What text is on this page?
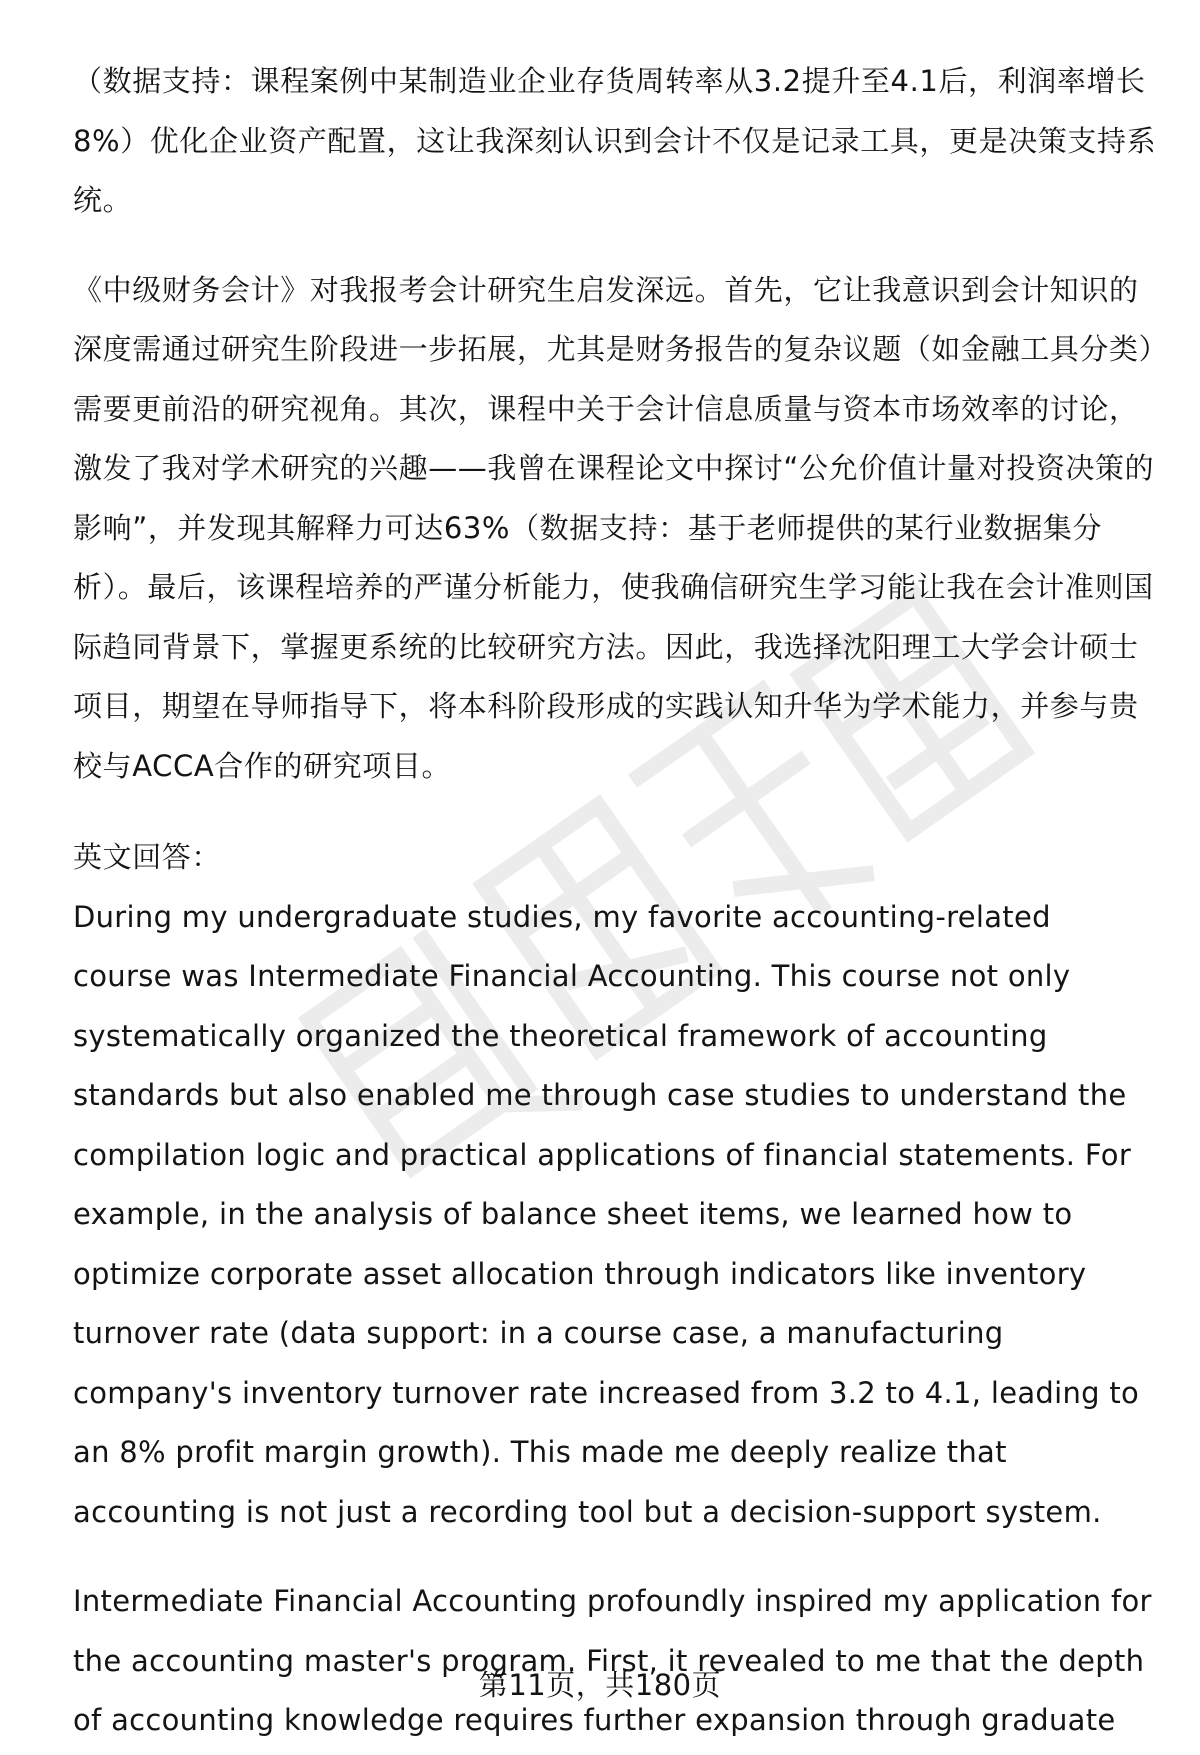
（数据支持：课程案例中某制造业企业存货周转率从3.2提升至4.1后，利润率增长8%）优化企业资产配置，这让我深刻认识到会计不仅是记录工具，更是决策支持系统。

《中级财务会计》对我报考会计研究生启发深远。首先，它让我意识到会计知识的深度需通过研究生阶段进一步拓展，尤其是财务报告的复杂议题（如金融工具分类）需要更前沿的研究视角。其次，课程中关于会计信息质量与资本市场效率的讨论，激发了我对学术研究的兴趣——我曾在课程论文中探讨“公允价值计量对投资决策的影响”，并发现其解释力可达63%（数据支持：基于老师提供的某行业数据集分析）。最后，该课程培养的严谨分析能力，使我确信研究生学习能让我在会计准则国际趋同背景下，掌握更系统的比较研究方法。因此，我选择沈阳理工大学会计硕士项目，期望在导师指导下，将本科阶段形成的实践认知升华为学术能力，并参与贵校与ACCA合作的研究项目。

英文回答：

During my undergraduate studies, my favorite accounting-related course was Intermediate Financial Accounting. This course not only systematically organized the theoretical framework of accounting standards but also enabled me through case studies to understand the compilation logic and practical applications of financial statements. For example, in the analysis of balance sheet items, we learned how to optimize corporate asset allocation through indicators like inventory turnover rate (data support: in a course case, a manufacturing company's inventory turnover rate increased from 3.2 to 4.1, leading to an 8% profit margin growth). This made me deeply realize that accounting is not just a recording tool but a decision-support system.

Intermediate Financial Accounting profoundly inspired my application for the accounting master's program. First, it revealed to me that the depth of accounting knowledge requires further expansion through graduate

第11页，共180页
